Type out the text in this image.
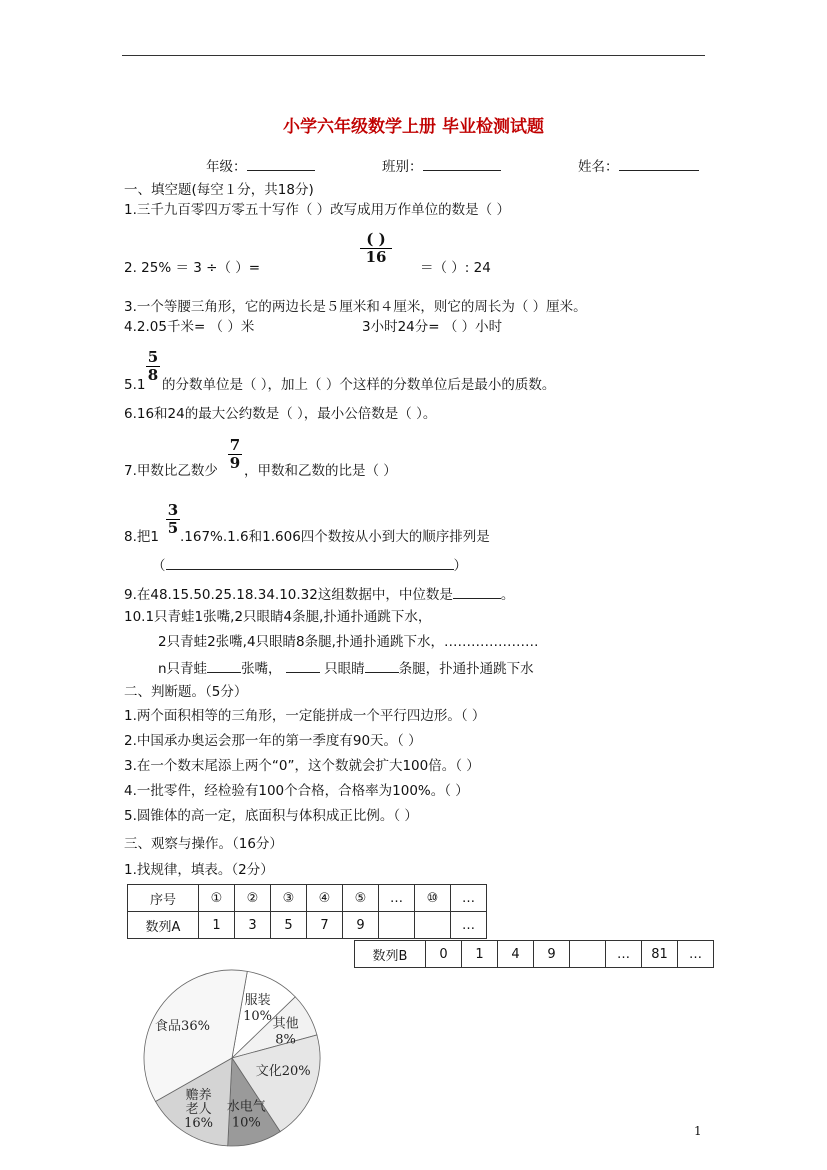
小学六年级数学上册 毕业检测试题
年级：	班别：	姓名：
一、填空题(每空１分，共18分)
1.三千九百零四万零五十写作（ ）改写成用万作单位的数是（ ）
( )
16
2. 25% ＝ 3 ÷（ ）=	＝（ ）: 24
3.一个等腰三角形，它的两边长是５厘米和４厘米，则它的周长为（ ）厘米。
4.2.05千米= （ ）米	3小时24分= （ ）小时
5
8
5.1 的分数单位是（ ），加上（ ）个这样的分数单位后是最小的质数。
6.16和24的最大公约数是（ ），最小公倍数是（ ）。
7
9
7.甲数比乙数少 ，甲数和乙数的比是（ ）
3
5
8.把1 .167%.1.6和1.606四个数按从小到大的顺序排列是
（	）
9.在48.15.50.25.18.34.10.32这组数据中，中位数是	。
10.1只青蛙1张嘴,2只眼睛4条腿,扑通扑通跳下水，
2只青蛙2张嘴,4只眼睛8条腿,扑通扑通跳下水，…………………
n只青蛙	张嘴，	只眼睛	条腿，扑通扑通跳下水
二、判断题。（5分）
1.两个面积相等的三角形，一定能拼成一个平行四边形。（ ）
2.中国承办奥运会那一年的第一季度有90天。（ ）
3.在一个数末尾添上两个“0”，这个数就会扩大100倍。（ ）
4.一批零件，经检验有100个合格，合格率为100%。（ ）
5.圆锥体的高一定，底面积与体积成正比例。（ ）
三、观察与操作。（16分）
1.找规律，填表。（2分）
序号	①	②	③	④	⑤	…	⑩	…
数列A	1	3	5	7	9			…
数列B	0	1	4	9		…	81	…
服装
10%
其他
8%
文化20%
水电气
10%
赡养
老人
16%
食品36%
1
